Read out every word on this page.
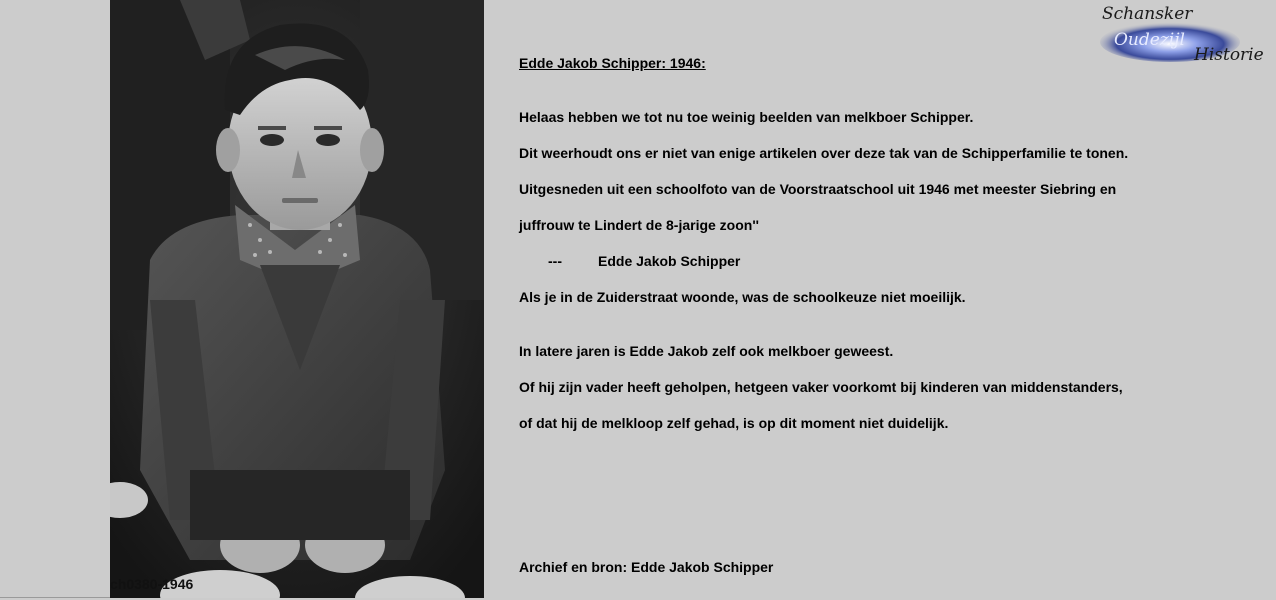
ch0380-1946
Schansker
Oudezijl
Historie
Edde Jakob Schipper: 1946:
Helaas hebben we tot nu toe weinig beelden van melkboer Schipper.
Dit weerhoudt ons er niet van enige artikelen over deze tak van de Schipperfamilie te tonen.
Uitgesneden uit een schoolfoto van de Voorstraatschool uit 1946 met meester Siebring en
juffrouw te Lindert de 8-jarige zoon''
---	Edde Jakob Schipper
Als je in de Zuiderstraat woonde, was de schoolkeuze niet moeilijk.
In latere jaren is Edde Jakob zelf ook melkboer geweest.
Of hij zijn vader heeft geholpen, hetgeen vaker voorkomt bij kinderen van middenstanders,
of dat hij de melkloop zelf gehad, is op dit moment niet duidelijk.
Archief en bron: Edde Jakob Schipper
